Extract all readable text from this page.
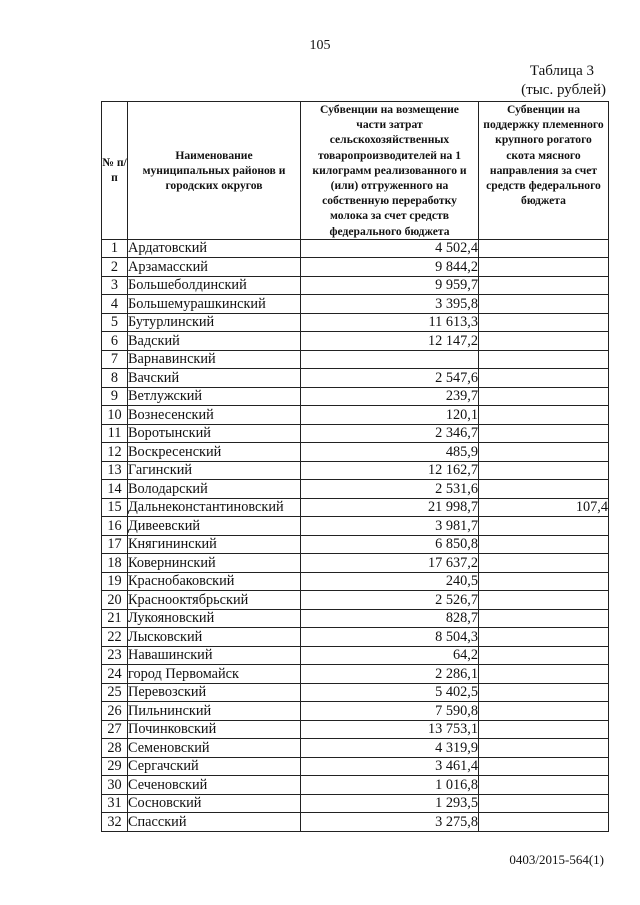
105
Таблица 3
(тыс. рублей)
№ п/п	Наименование муниципальных районов и городских округов	Субвенции на возмещение части затрат сельскохозяйственных товаропроизводителей на 1 килограмм реализованного и (или) отгруженного на собственную переработку молока за счет средств федерального бюджета	Субвенции на поддержку племенного крупного рогатого скота мясного направления за счет средств федерального бюджета
1	Ардатовский	4 502,4	
2	Арзамасский	9 844,2	
3	Большеболдинский	9 959,7	
4	Большемурашкинский	3 395,8	
5	Бутурлинский	11 613,3	
6	Вадский	12 147,2	
7	Варнавинский		
8	Вачский	2 547,6	
9	Ветлужский	239,7	
10	Вознесенский	120,1	
11	Воротынский	2 346,7	
12	Воскресенский	485,9	
13	Гагинский	12 162,7	
14	Володарский	2 531,6	
15	Дальнеконстантиновский	21 998,7	107,4
16	Дивеевский	3 981,7	
17	Княгининский	6 850,8	
18	Ковернинский	17 637,2	
19	Краснобаковский	240,5	
20	Краснооктябрьский	2 526,7	
21	Лукояновский	828,7	
22	Лысковский	8 504,3	
23	Навашинский	64,2	
24	город Первомайск	2 286,1	
25	Перевозский	5 402,5	
26	Пильнинский	7 590,8	
27	Починковский	13 753,1	
28	Семеновский	4 319,9	
29	Сергачский	3 461,4	
30	Сеченовский	1 016,8	
31	Сосновский	1 293,5	
32	Спасский	3 275,8	
0403/2015-564(1)
